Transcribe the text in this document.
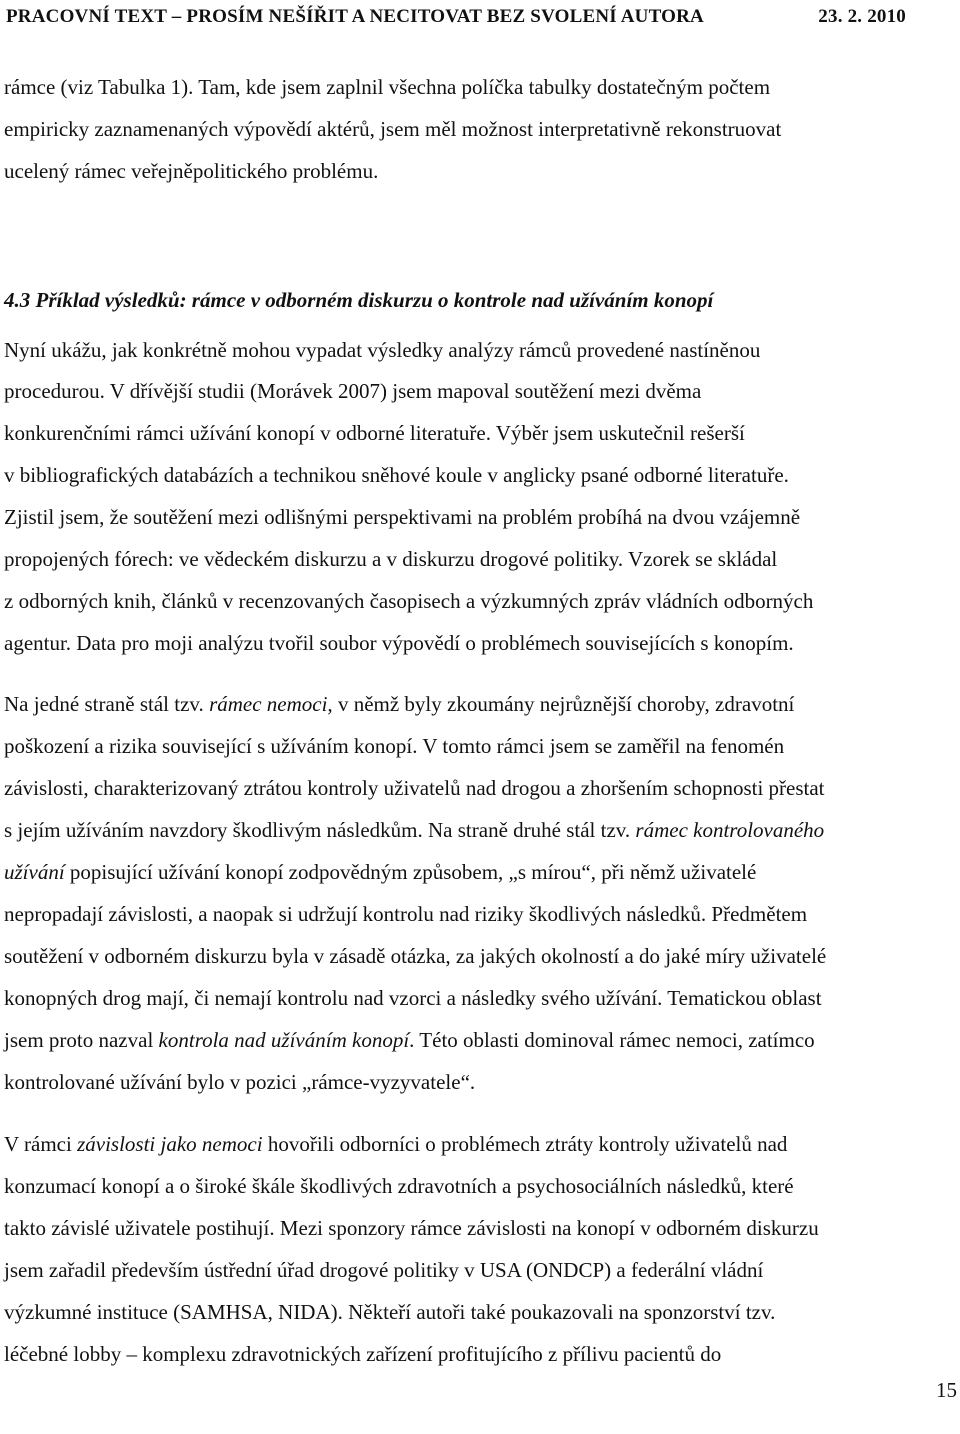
PRACOVNÍ TEXT – PROSÍM NEŠÍŘIT A NECITOVAT BEZ SVOLENÍ AUTORA	23. 2. 2010
rámce (viz Tabulka 1). Tam, kde jsem zaplnil všechna políčka tabulky dostatečným počtem
empiricky zaznamenaných výpovědí aktérů, jsem měl možnost interpretativně rekonstruovat
ucelený rámec veřejněpolitického problému.
4.3 Příklad výsledků: rámce v odborném diskurzu o kontrole nad užíváním konopí
Nyní ukážu, jak konkrétně mohou vypadat výsledky analýzy rámců provedené nastíněnou
procedurou. V dřívější studii (Morávek 2007) jsem mapoval soutěžení mezi dvěma
konkurenčními rámci užívání konopí v odborné literatuře. Výběr jsem uskutečnil rešerší
v bibliografických databázích a technikou sněhové koule v anglicky psané odborné literatuře.
Zjistil jsem, že soutěžení mezi odlišnými perspektivami na problém probíhá na dvou vzájemně
propojených fórech: ve vědeckém diskurzu a v diskurzu drogové politiky. Vzorek se skládal
z odborných knih, článků v recenzovaných časopisech a výzkumných zpráv vládních odborných
agentur. Data pro moji analýzu tvořil soubor výpovědí o problémech souvisejících s konopím.
Na jedné straně stál tzv. rámec nemoci, v němž byly zkoumány nejrůznější choroby, zdravotní
poškození a rizika související s užíváním konopí. V tomto rámci jsem se zaměřil na fenomén
závislosti, charakterizovaný ztrátou kontroly uživatelů nad drogou a zhoršením schopnosti přestat
s jejím užíváním navzdory škodlivým následkům. Na straně druhé stál tzv. rámec kontrolovaného
užívání popisující užívání konopí zodpovědným způsobem, „s mírou“, při němž uživatelé
nepropadají závislosti, a naopak si udržují kontrolu nad riziky škodlivých následků. Předmětem
soutěžení v odborném diskurzu byla v zásadě otázka, za jakých okolností a do jaké míry uživatelé
konopných drog mají, či nemají kontrolu nad vzorci a následky svého užívání. Tematickou oblast
jsem proto nazval kontrola nad užíváním konopí. Této oblasti dominoval rámec nemoci, zatímco
kontrolované užívání bylo v pozici „rámce-vyzyvatele“.
V rámci závislosti jako nemoci hovořili odborníci o problémech ztráty kontroly uživatelů nad
konzumací konopí a o široké škále škodlivých zdravotních a psychosociálních následků, které
takto závislé uživatele postihují. Mezi sponzory rámce závislosti na konopí v odborném diskurzu
jsem zařadil především ústřední úřad drogové politiky v USA (ONDCP) a federální vládní
výzkumné instituce (SAMHSA, NIDA). Někteří autoři také poukazovali na sponzorství tzv.
léčebné lobby – komplexu zdravotnických zařízení profitujícího z přílivu pacientů do
15
